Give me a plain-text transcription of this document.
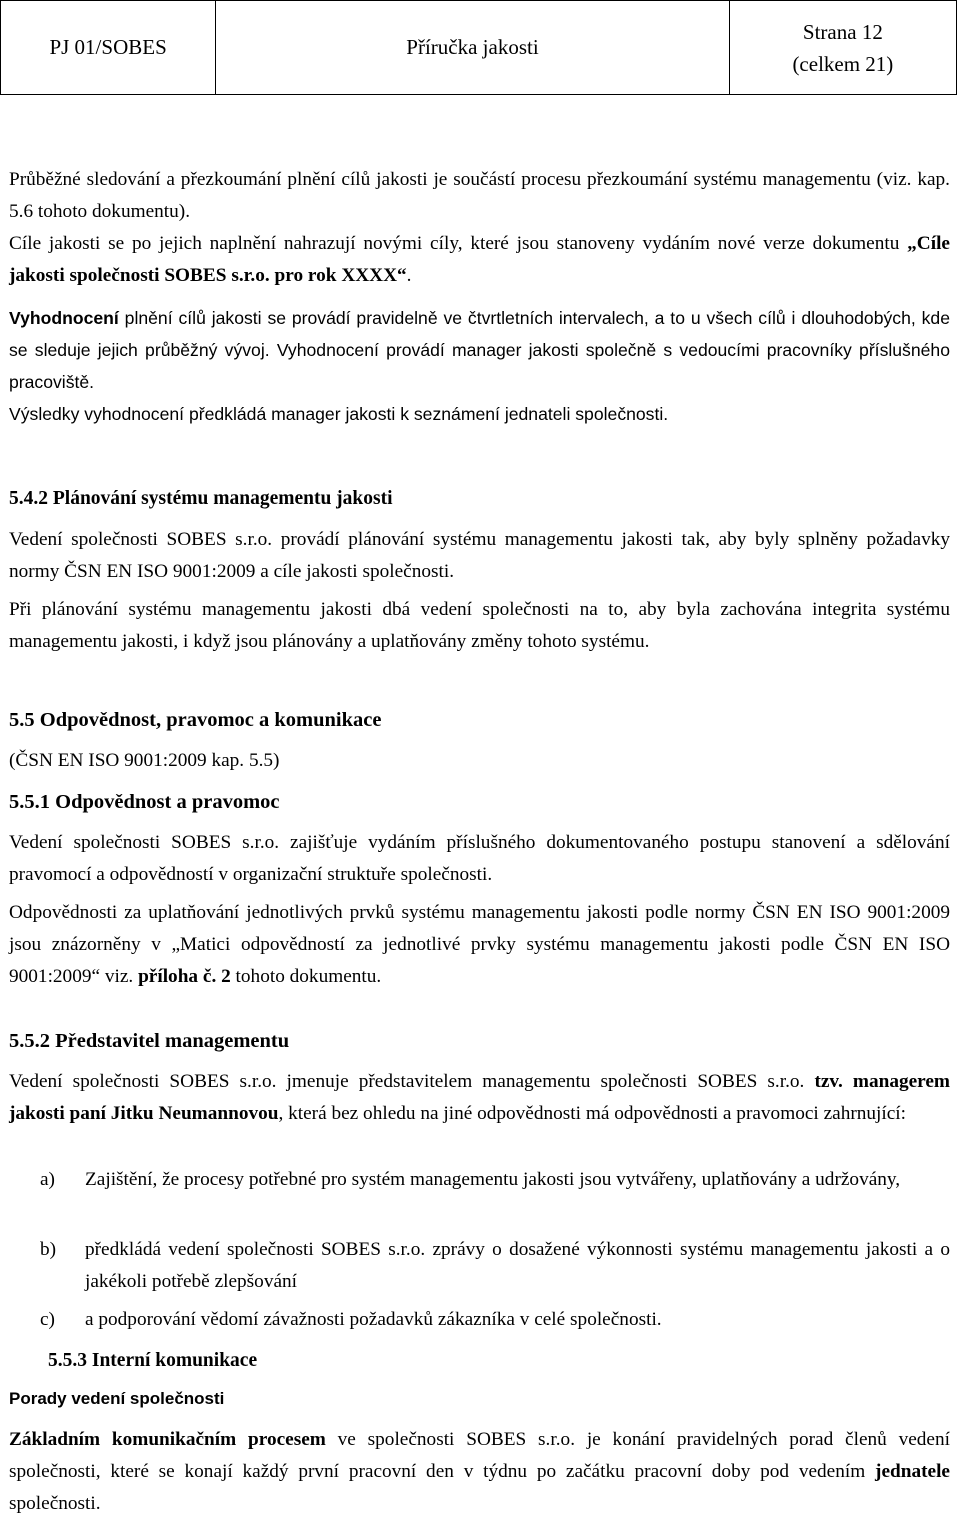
PJ 01/SOBES	Příručka jakosti	
Strana 12
(celkem 21)

Průběžné sledování a přezkoumání plnění cílů jakosti je součástí procesu přezkoumání systému managementu (viz. kap. 5.6 tohoto dokumentu).

Cíle jakosti se po jejich naplnění nahrazují novými cíly, které jsou stanoveny vydáním nové verze dokumentu „Cíle jakosti společnosti SOBES s.r.o. pro rok XXXX“.

Vyhodnocení plnění cílů jakosti se provádí pravidelně ve čtvrtletních intervalech, a to u všech cílů i dlouhodobých, kde se sleduje jejich průběžný vývoj. Vyhodnocení provádí manager jakosti společně s vedoucími pracovníky příslušného pracoviště.

Výsledky vyhodnocení předkládá manager jakosti k seznámení jednateli společnosti.

5.4.2 Plánování systému managementu jakosti

Vedení společnosti SOBES s.r.o. provádí plánování systému managementu jakosti tak, aby byly splněny požadavky normy ČSN EN ISO 9001:2009 a cíle jakosti společnosti.

Při plánování systému managementu jakosti dbá vedení společnosti na to, aby byla zachována integrita systému managementu jakosti, i když jsou plánovány a uplatňovány změny tohoto systému.

5.5 Odpovědnost, pravomoc a komunikace
(ČSN EN ISO 9001:2009 kap. 5.5)
5.5.1 Odpovědnost a pravomoc

Vedení společnosti SOBES s.r.o. zajišťuje vydáním příslušného dokumentovaného postupu stanovení a sdělování pravomocí a odpovědností v organizační struktuře společnosti.

Odpovědnosti za uplatňování jednotlivých prvků systému managementu jakosti podle normy ČSN EN ISO 9001:2009 jsou znázorněny v „Matici odpovědností za jednotlivé prvky systému managementu jakosti podle ČSN EN ISO 9001:2009“ viz. příloha č. 2 tohoto dokumentu.

5.5.2 Představitel managementu

Vedení společnosti SOBES s.r.o. jmenuje představitelem managementu společnosti SOBES s.r.o. tzv. managerem jakosti paní Jitku Neumannovou, která bez ohledu na jiné odpovědnosti má odpovědnosti a pravomoci zahrnující:

a) Zajištění, že procesy potřebné pro systém managementu jakosti jsou vytvářeny, uplatňovány a udržovány,
b) předkládá vedení společnosti SOBES s.r.o. zprávy o dosažené výkonnosti systému managementu jakosti a o jakékoli potřebě zlepšování
c) a podporování vědomí závažnosti požadavků zákazníka v celé společnosti.
5.5.3 Interní komunikace
Porady vedení společnosti

Základním komunikačním procesem ve společnosti SOBES s.r.o. je konání pravidelných porad členů vedení společnosti, které se konají každý první pracovní den v týdnu po začátku pracovní doby pod vedením jednatele společnosti.
